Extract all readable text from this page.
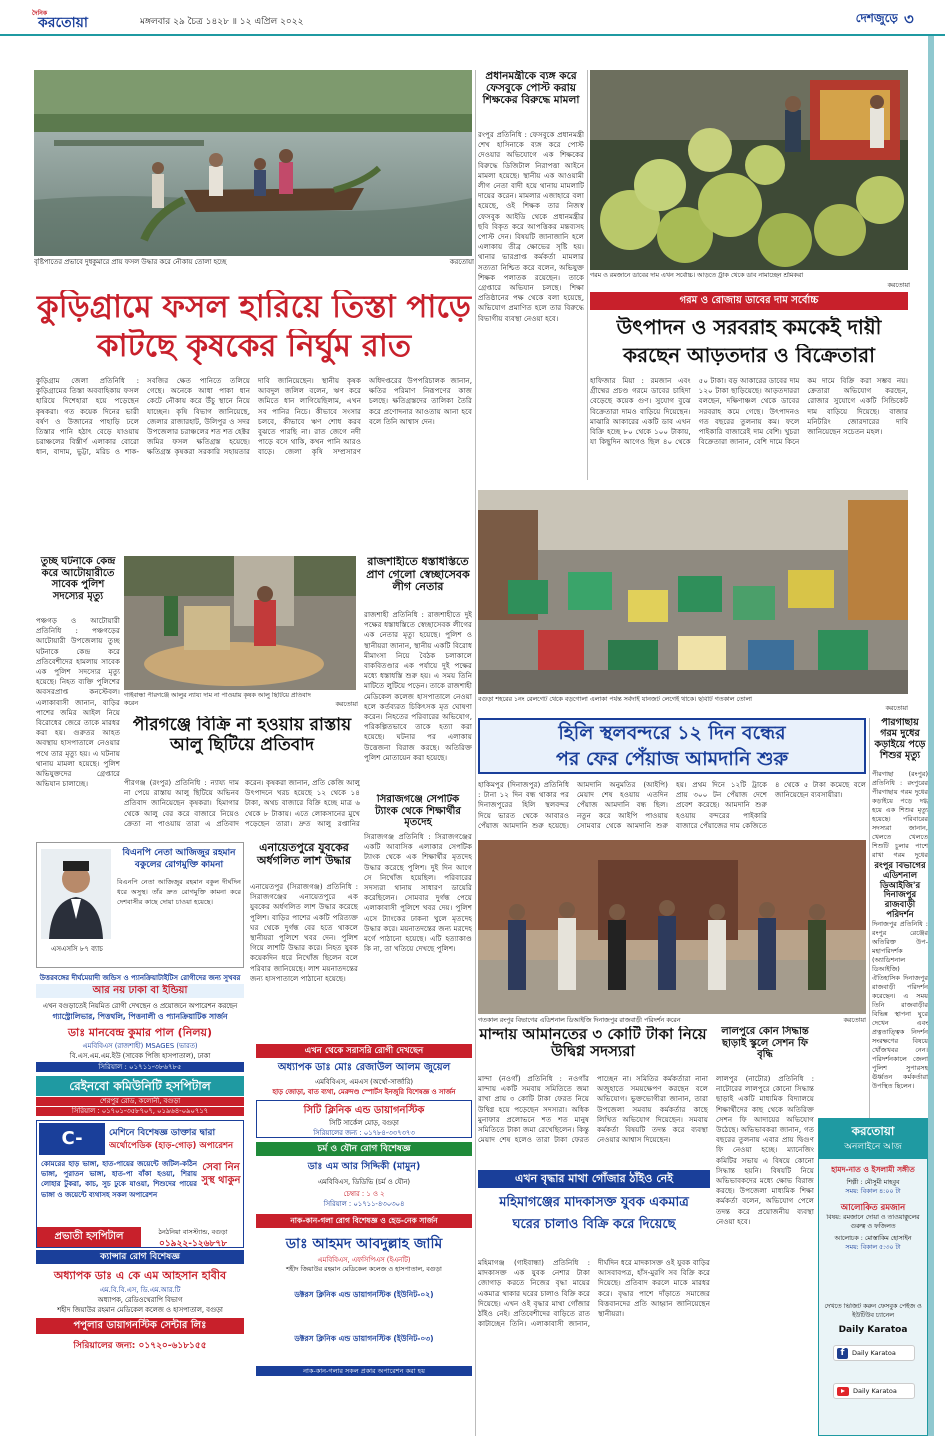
দৈনিক
করতোয়া	মঙ্গলবার ২৯ চৈত্র ১৪২৮ ॥ ১২ এপ্রিল ২০২২	দেশজুড়ে ৩
বৃষ্টিপাতের প্রভাবে দুধকুমারে প্রায় ফসল উদ্ধার করে নৌকায় তোলা হচ্ছে	করতোয়া
কুড়িগ্রামে ফসল হারিয়ে তিস্তা পাড়ে
কাটছে কৃষকের নির্ঘুম রাত
কুড়িগ্রাম জেলা প্রতিনিধি : কুড়িগ্রামের তিস্তা অববাহিকায় ফসল হারিয়ে দিশেহারা হয়ে পড়েছেন কৃষকরা। গত কয়েক দিনের ভারী বর্ষণ ও উজানের পাহাড়ি ঢলে তিস্তার পানি হঠাৎ বেড়ে যাওয়ায় চরাঞ্চলের বিস্তীর্ণ এলাকার বোরো ধান, বাদাম, ভুট্টা, মরিচ ও শাক-সবজির ক্ষেত পানিতে তলিয়ে গেছে। অনেকে আধা পাকা ধান কেটে নৌকায় করে উঁচু স্থানে নিয়ে যাচ্ছেন। কৃষি বিভাগ জানিয়েছে, জেলার রাজারহাট, উলিপুর ও সদর উপজেলার চরাঞ্চলের শত শত হেক্টর জমির ফসল ক্ষতিগ্রস্ত হয়েছে। ক্ষতিগ্রস্ত কৃষকরা সরকারি সহায়তার দাবি জানিয়েছেন। স্থানীয় কৃষক আবদুল জলিল বলেন, ঋণ করে জমিতে ধান লাগিয়েছিলাম, এখন সব পানির নিচে। কীভাবে সংসার চলবে, কীভাবে ঋণ শোধ করব বুঝতে পারছি না। রাত জেগে নদী পাড়ে বসে থাকি, কখন পানি আরও বাড়ে। জেলা কৃষি সম্প্রসারণ অধিদপ্তরের উপপরিচালক জানান, ক্ষতির পরিমাণ নিরূপণের কাজ চলছে। ক্ষতিগ্রস্তদের তালিকা তৈরি করে প্রণোদনার আওতায় আনা হবে বলে তিনি আশ্বাস দেন।
প্রধানমন্ত্রীকে ব্যঙ্গ করে ফেসবুকে পোস্ট করায় শিক্ষকের বিরুদ্ধে মামলা
রংপুর প্রতিনিধি : ফেসবুকে প্রধানমন্ত্রী শেখ হাসিনাকে ব্যঙ্গ করে পোস্ট দেওয়ার অভিযোগে এক শিক্ষকের বিরুদ্ধে ডিজিটাল নিরাপত্তা আইনে মামলা হয়েছে। স্থানীয় এক আওয়ামী লীগ নেতা বাদী হয়ে থানায় মামলাটি দায়ের করেন। মামলার এজাহারে বলা হয়েছে, ওই শিক্ষক তার নিজস্ব ফেসবুক আইডি থেকে প্রধানমন্ত্রীর ছবি বিকৃত করে আপত্তিকর মন্তব্যসহ পোস্ট দেন। বিষয়টি জানাজানি হলে এলাকায় তীব্র ক্ষোভের সৃষ্টি হয়। থানার ভারপ্রাপ্ত কর্মকর্তা মামলার সত্যতা নিশ্চিত করে বলেন, অভিযুক্ত শিক্ষক পলাতক রয়েছেন। তাকে গ্রেপ্তারে অভিযান চলছে। শিক্ষা প্রতিষ্ঠানের পক্ষ থেকে বলা হয়েছে, অভিযোগ প্রমাণিত হলে তার বিরুদ্ধে বিভাগীয় ব্যবস্থা নেওয়া হবে।
গরম ও রমজানে ডাবের দাম এখন সর্বোচ্চ। আড়তে ট্রাক থেকে ডাব নামাচ্ছেন শ্রমিকরা
করতোয়া
গরম ও রোজায় ডাবের দাম সর্বোচ্চ
উৎপাদন ও সরবরাহ কমকেই দায়ী
করছেন আড়তদার ও বিক্রেতারা
হাফিজার মিয়া : রমজান এবং গ্রীষ্মের প্রচণ্ড গরমে ডাবের চাহিদা বেড়েছে কয়েক গুণ। সুযোগ বুঝে বিক্রেতারা দামও বাড়িয়ে দিয়েছেন। মাঝারি আকারের একটি ডাব এখন বিক্রি হচ্ছে ৮০ থেকে ১০০ টাকায়, যা কিছুদিন আগেও ছিল ৪০ থেকে ৫০ টাকা। বড় আকারের ডাবের দাম ১২০ টাকা ছাড়িয়েছে। আড়তদাররা বলছেন, দক্ষিণাঞ্চল থেকে ডাবের সরবরাহ কমে গেছে। উৎপাদনও গত বছরের তুলনায় কম। ফলে পাইকারি বাজারেই দাম বেশি। খুচরা বিক্রেতারা জানান, বেশি দামে কিনে কম দামে বিক্রি করা সম্ভব নয়। ক্রেতারা অভিযোগ করছেন, রোজার সুযোগে একটি সিন্ডিকেট দাম বাড়িয়ে দিয়েছে। বাজার মনিটরিং জোরদারের দাবি জানিয়েছেন সচেতন মহল।
বগুড়া শহরের ১নং রেলগেট থেকে বড়গোলা এলাকা পর্যন্ত সর্বদাই যানজট লেগেই থাকে। ছবিটি গতকাল তোলা
করতোয়া
গাইবান্ধা পীরগঞ্জে আলুর ন্যায্য দাম না পাওয়ায় কৃষক আলু ছিটিয়ে প্রতিবাদ করেন	করতোয়া
পীরগঞ্জে বিক্রি না হওয়ায় রাস্তায় আলু ছিটিয়ে প্রতিবাদ
পীরগঞ্জ (রংপুর) প্রতিনিধি : ন্যায্য দাম না পেয়ে রাস্তায় আলু ছিটিয়ে অভিনব প্রতিবাদ জানিয়েছেন কৃষকরা। হিমাগার থেকে আলু বের করে বাজারে নিয়েও ক্রেতা না পাওয়ায় তারা এ প্রতিবাদ করেন। কৃষকরা জানান, প্রতি কেজি আলু উৎপাদনে খরচ হয়েছে ১২ থেকে ১৪ টাকা, অথচ বাজারে বিক্রি হচ্ছে মাত্র ৬ থেকে ৮ টাকায়। এতে লোকসানের মুখে পড়েছেন তারা। দ্রুত আলু রপ্তানির
তুচ্ছ ঘটনাকে কেন্দ্র করে আটোয়ারীতে সাবেক পুলিশ সদস্যের মৃত্যু
পঞ্চগড় ও আটোয়ারী প্রতিনিধি : পঞ্চগড়ের আটোয়ারী উপজেলায় তুচ্ছ ঘটনাকে কেন্দ্র করে প্রতিবেশীদের হামলায় সাবেক এক পুলিশ সদস্যের মৃত্যু হয়েছে। নিহত ব্যক্তি পুলিশের অবসরপ্রাপ্ত কনস্টেবল। এলাকাবাসী জানান, বাড়ির পাশের জমির আইল নিয়ে বিরোধের জেরে তাকে মারধর করা হয়। গুরুতর আহত অবস্থায় হাসপাতালে নেওয়ার পথে তার মৃত্যু হয়। এ ঘটনায় থানায় মামলা হয়েছে। পুলিশ অভিযুক্তদের গ্রেপ্তারে অভিযান চালাচ্ছে।
রাজশাহীতে ধস্তাধস্তিতে প্রাণ গেলো স্বেচ্ছাসেবক লীগ নেতার
রাজশাহী প্রতিনিধি : রাজশাহীতে দুই পক্ষের ধস্তাধস্তিতে স্বেচ্ছাসেবক লীগের এক নেতার মৃত্যু হয়েছে। পুলিশ ও স্থানীয়রা জানান, স্থানীয় একটি বিরোধ মীমাংসা নিয়ে বৈঠক চলাকালে বাকবিতণ্ডার এক পর্যায়ে দুই পক্ষের মধ্যে ধস্তাধস্তি শুরু হয়। এ সময় তিনি মাটিতে লুটিয়ে পড়েন। তাকে রাজশাহী মেডিকেল কলেজ হাসপাতালে নেওয়া হলে কর্তব্যরত চিকিৎসক মৃত ঘোষণা করেন। নিহতের পরিবারের অভিযোগ, পরিকল্পিতভাবে তাকে হত্যা করা হয়েছে। ঘটনার পর এলাকায় উত্তেজনা বিরাজ করছে। অতিরিক্ত পুলিশ মোতায়েন করা হয়েছে।
সিরাজগঞ্জে সেপটিক ট্যাংক থেকে শিক্ষার্থীর মৃতদেহ
সিরাজগঞ্জ প্রতিনিধি : সিরাজগঞ্জের একটি আবাসিক এলাকার সেপটিক ট্যাংক থেকে এক শিক্ষার্থীর মৃতদেহ উদ্ধার করেছে পুলিশ। দুই দিন আগে সে নিখোঁজ হয়েছিল। পরিবারের সদস্যরা থানায় সাধারণ ডায়েরি করেছিলেন। সোমবার দুর্গন্ধ পেয়ে এলাকাবাসী পুলিশে খবর দেয়। পুলিশ এসে ট্যাংকের ঢাকনা খুলে মৃতদেহ উদ্ধার করে। ময়নাতদন্তের জন্য মরদেহ মর্গে পাঠানো হয়েছে। এটি হত্যাকাণ্ড কি না, তা খতিয়ে দেখছে পুলিশ।
এনায়েতপুরে যুবকের অর্ধগলিত লাশ উদ্ধার
এনায়েতপুর (সিরাজগঞ্জ) প্রতিনিধি : সিরাজগঞ্জের এনায়েতপুরে এক যুবকের অর্ধগলিত লাশ উদ্ধার করেছে পুলিশ। বাড়ির পাশের একটি পরিত্যক্ত ঘর থেকে দুর্গন্ধ বের হতে থাকলে স্থানীয়রা পুলিশে খবর দেন। পুলিশ গিয়ে লাশটি উদ্ধার করে। নিহত যুবক কয়েকদিন ধরে নিখোঁজ ছিলেন বলে পরিবার জানিয়েছে। লাশ ময়নাতদন্তের জন্য হাসপাতালে পাঠানো হয়েছে।
এসএসসি ৮৭ ব্যাচ
বিএনপি নেতা আজিজুর রহমান বকুলের রোগমুক্তি কামনা
বিএনপি নেতা আজিজুর রহমান বকুল দীর্ঘদিন ধরে অসুস্থ। তাঁর দ্রুত রোগমুক্তি কামনা করে দেশবাসীর কাছে দোয়া চাওয়া হয়েছে।
উত্তরবঙ্গের দীর্ঘমেয়াদী জন্ডিস ও প্যানক্রিয়াটাইটিস রোগীদের জন্য সুখবর
আর নয় ঢাকা বা ইন্ডিয়া
এখন বগুড়াতেই নিয়মিত রোগী দেখছেন ও প্রয়োজনে অপারেশন করছেন
গ্যাস্ট্রোলিভার, পিত্তথলি, পিত্তনালী ও প্যানক্রিয়াটিক সার্জন
ডাঃ মানবেন্দ্র কুমার পাল (নিলয়)
এমবিবিএস (রাজশাহী) MSAGES (ভারত)
বি.এস.এম.এম.ইউ (সাবেক পিজি হাসপাতাল), ঢাকা
সিরিয়াল : ০১৭১১-৩৮৬৭৮৫
রেইনবো কমিউনিটি হসপিটাল
শেরপুর রোড, কলোনী, বগুড়া
সিরিয়াল : ০১৭০১-৩৫৮৭০৭, ০১৯৬৪-০৯০৭১৭
C-	মেশিনে বিশেষজ্ঞ ডাক্তার দ্বারা
অর্থোপেডিক (হাড়-গোড়) অপারেশন
কোমরের হাড় ভাঙ্গা, হাত-পায়ের জয়েন্টে জটিল-কঠিন ভাঙ্গা, পুরাতন ভাঙ্গা, হাত-পা বাঁকা হওয়া, শিরায় লোহার টুকরা, কাচ, সুচ ঢুকে যাওয়া, শিশুদের পায়ের ভাঙ্গা ও জয়েন্টে ব্যথাসহ সকল অপারেশন
সেবা নিন সুস্থ থাকুন
প্রভাতী হসপিটাল	ঠনঠনিয়া বাসস্ট্যান্ড, বগুড়া
০১৯২২-১২৬৮৭৮
ক্যান্সার রোগ বিশেষজ্ঞ
অধ্যাপক ডাঃ এ কে এম আহসান হাবীব
এম.বি.বি.এস, ডি.এম.আর.টি
অধ্যাপক, রেডিওথেরাপি বিভাগ
শহীদ জিয়াউর রহমান মেডিকেল কলেজ ও হাসপাতাল, বগুড়া
পপুলার ডায়াগনস্টিক সেন্টার লিঃ
সিরিয়ালের জন্য: ০১৭২০-৬১৮১৫৫
এখন থেকে সরাসরি রোগী দেখছেন
অধ্যাপক ডাঃ মোঃ রেজাউল আলম জুয়েল
এমবিবিএস, এমএস (অর্থো-সার্জারি)
হাড় জোড়া, বাত ব্যথা, মেরুদণ্ড স্পোর্টস ইনজুরি বিশেষজ্ঞ ও সার্জন
সিটি ক্লিনিক এন্ড ডায়াগনস্টিক
সিটি সার্কেল মোড়, বগুড়া
সিরিয়ালের জন্য : ০১৭৮৪-৩৩৭৩৭৩
চর্ম ও যৌন রোগ বিশেষজ্ঞ
ডাঃ এম আর সিদ্দিকী (মামুন)
এমবিবিএস, ডিডিভি (চর্ম ও যৌন)
চেম্বার : ১ ও ২
সিরিয়াল : ০১৭১১-৪৩০৩০৪
নাক-কান-গলা রোগ বিশেষজ্ঞ ও হেড-নেক সার্জন
ডাঃ আহমদ আবদুল্লাহ জামি
এমবিবিএস, এফসিপিএস (ইএনটি)
শহীদ জিয়াউর রহমান মেডিকেল কলেজ ও হাসপাতাল, বগুড়া
ডক্টরস ক্লিনিক এন্ড ডায়াগনস্টিক (ইউনিট-০২)
ডক্টরস ক্লিনিক এন্ড ডায়াগনস্টিক (ইউনিট-০৩)
নাক-কান-গলার সকল প্রকার অপারেশন করা হয়
হিলি স্থলবন্দরে ১২ দিন বন্ধের
পর ফের পেঁয়াজ আমদানি শুরু
হাকিমপুর (দিনাজপুর) প্রতিনিধি : টানা ১২ দিন বন্ধ থাকার পর দিনাজপুরের হিলি স্থলবন্দর দিয়ে ভারত থেকে আবারও পেঁয়াজ আমদানি শুরু হয়েছে। আমদানি অনুমতির (আইপি) মেয়াদ শেষ হওয়ায় এতদিন পেঁয়াজ আমদানি বন্ধ ছিল। নতুন করে আইপি পাওয়ায় সোমবার থেকে আমদানি শুরু হয়। প্রথম দিনে ১২টি ট্রাকে প্রায় ৩০০ টন পেঁয়াজ দেশে প্রবেশ করেছে। আমদানি শুরু হওয়ায় বন্দরের পাইকারি বাজারে পেঁয়াজের দাম কেজিতে ৪ থেকে ৫ টাকা কমেছে বলে জানিয়েছেন ব্যবসায়ীরা।
গতকাল রংপুর বিভাগের এডিশনাল ডিআইজি দিনাজপুর রাজবাড়ী পরিদর্শন করেন	করতোয়া
পীরগাছায় গরম দুধের কড়াইয়ে পড়ে শিশুর মৃত্যু
পীরগাছা (রংপুর) প্রতিনিধি : রংপুরের পীরগাছায় গরম দুধের কড়াইয়ে পড়ে দগ্ধ হয়ে এক শিশুর মৃত্যু হয়েছে। পরিবারের সদস্যরা জানান, খেলতে খেলতে শিশুটি চুলার পাশে রাখা গরম দুধের
রংপুর বিভাগের এডিশনাল ডিআইজি'র দিনাজপুর রাজবাড়ী পরিদর্শন
দিনাজপুর প্রতিনিধি : রংপুর রেঞ্জের অতিরিক্ত উপ-মহাপরিদর্শক (অ্যাডিশনাল ডিআইজি) ঐতিহাসিক দিনাজপুর রাজবাড়ী পরিদর্শন করেছেন। এ সময় তিনি রাজবাড়ীর বিভিন্ন স্থাপনা ঘুরে দেখেন এবং প্রত্নতাত্ত্বিক নিদর্শন সংরক্ষণের বিষয়ে খোঁজখবর নেন। পরিদর্শনকালে জেলা পুলিশ সুপারসহ ঊর্ধ্বতন কর্মকর্তারা উপস্থিত ছিলেন।
মান্দায় আমানতের ৩ কোটি টাকা নিয়ে উদ্বিগ্ন সদস্যরা
মান্দা (নওগাঁ) প্রতিনিধি : নওগাঁর মান্দায় একটি সমবায় সমিতিতে জমা রাখা প্রায় ৩ কোটি টাকা ফেরত নিয়ে উদ্বিগ্ন হয়ে পড়েছেন সদস্যরা। অধিক মুনাফার প্রলোভনে শত শত মানুষ সমিতিতে টাকা জমা রেখেছিলেন। কিন্তু মেয়াদ শেষ হলেও তারা টাকা ফেরত পাচ্ছেন না। সমিতির কর্মকর্তারা নানা অজুহাতে সময়ক্ষেপণ করছেন বলে অভিযোগ। ভুক্তভোগীরা জানান, তারা উপজেলা সমবায় কর্মকর্তার কাছে লিখিত অভিযোগ দিয়েছেন। সমবায় কর্মকর্তা বিষয়টি তদন্ত করে ব্যবস্থা নেওয়ার আশ্বাস দিয়েছেন।
লালপুরে কোন সিদ্ধান্ত ছাড়াই স্কুলে সেশন ফি বৃদ্ধি
লালপুর (নাটোর) প্রতিনিধি : নাটোরের লালপুরে কোনো সিদ্ধান্ত ছাড়াই একটি মাধ্যমিক বিদ্যালয়ে শিক্ষার্থীদের কাছ থেকে অতিরিক্ত সেশন ফি আদায়ের অভিযোগ উঠেছে। অভিভাবকরা জানান, গত বছরের তুলনায় এবার প্রায় দ্বিগুণ ফি নেওয়া হচ্ছে। ম্যানেজিং কমিটির সভায় এ বিষয়ে কোনো সিদ্ধান্ত হয়নি। বিষয়টি নিয়ে অভিভাবকদের মধ্যে ক্ষোভ বিরাজ করছে। উপজেলা মাধ্যমিক শিক্ষা কর্মকর্তা বলেন, অভিযোগ পেলে তদন্ত করে প্রয়োজনীয় ব্যবস্থা নেওয়া হবে।
এখন বৃদ্ধার মাথা গোঁজার ঠাঁইও নেই
মহিমাগঞ্জের মাদকাসক্ত যুবক একমাত্র
ঘরের চালাও বিক্রি করে দিয়েছে
মহিমাগঞ্জ (গাইবান্ধা) প্রতিনিধি : মাদকাসক্ত এক যুবক নেশার টাকা জোগাড় করতে নিজের বৃদ্ধা মায়ের একমাত্র থাকার ঘরের চালাও বিক্রি করে দিয়েছে। এখন ওই বৃদ্ধার মাথা গোঁজার ঠাঁইও নেই। প্রতিবেশীদের বাড়িতে রাত কাটাচ্ছেন তিনি। এলাকাবাসী জানান, দীর্ঘদিন ধরে মাদকাসক্ত ওই যুবক বাড়ির আসবাবপত্র, হাঁস-মুরগি সব বিক্রি করে দিয়েছে। প্রতিবাদ করলে মাকে মারধর করে। বৃদ্ধার পাশে দাঁড়াতে সমাজের বিত্তবানদের প্রতি আহ্বান জানিয়েছেন স্থানীয়রা।
করতোয়া
অনলাইনে আজ
হামদ-নাত ও ইসলামী সঙ্গীত
শিল্পী : মৌসুমী মাহবুব
সময়: বিকাল ৪:০০ টা
আলোকিত রমজান
বিষয়: রমজানে দোয়া ও তাওয়াক্কুলের গুরুত্ব ও ফজিলত
আলোচক : মোস্তাকিম হোসাইন
সময়: বিকাল ৫:৩০ টা
দেখতে ভিজিট করুন ফেসবুক পেইজ ও ইউটিউব চ্যানেল
Daily Karatoa
f	Daily Karatoa
Daily Karatoa
